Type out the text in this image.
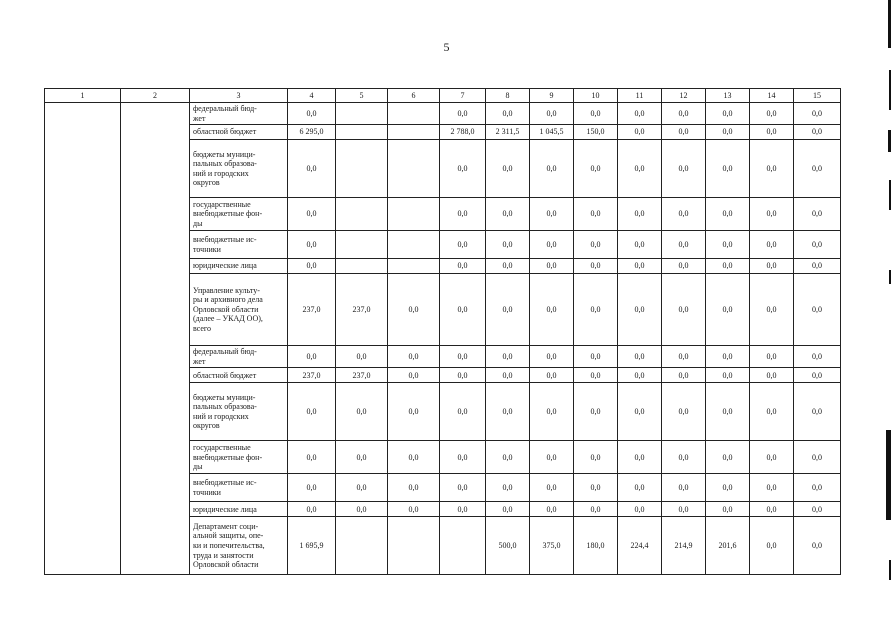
5
1	2	3	4	5	6	7	8	9	10	11	12	13	14	15
		федеральный бюд-
жет	0,0			0,0	0,0	0,0	0,0	0,0	0,0	0,0	0,0	0,0
		областной бюджет	6 295,0			2 788,0	2 311,5	1 045,5	150,0	0,0	0,0	0,0	0,0	0,0
		бюджеты муници-
пальных образова-
ний и городских
округов	0,0			0,0	0,0	0,0	0,0	0,0	0,0	0,0	0,0	0,0
		государственные
внебюджетные фон-
ды	0,0			0,0	0,0	0,0	0,0	0,0	0,0	0,0	0,0	0,0
		внебюджетные ис-
точники	0,0			0,0	0,0	0,0	0,0	0,0	0,0	0,0	0,0	0,0
		юридические лица	0,0			0,0	0,0	0,0	0,0	0,0	0,0	0,0	0,0	0,0
		Управление культу-
ры и архивного дела
Орловской области
(далее – УКАД ОО),
всего	237,0	237,0	0,0	0,0	0,0	0,0	0,0	0,0	0,0	0,0	0,0	0,0
		федеральный бюд-
жет	0,0	0,0	0,0	0,0	0,0	0,0	0,0	0,0	0,0	0,0	0,0	0,0
		областной бюджет	237,0	237,0	0,0	0,0	0,0	0,0	0,0	0,0	0,0	0,0	0,0	0,0
		бюджеты муници-
пальных образова-
ний и городских
округов	0,0	0,0	0,0	0,0	0,0	0,0	0,0	0,0	0,0	0,0	0,0	0,0
		государственные
внебюджетные фон-
ды	0,0	0,0	0,0	0,0	0,0	0,0	0,0	0,0	0,0	0,0	0,0	0,0
		внебюджетные ис-
точники	0,0	0,0	0,0	0,0	0,0	0,0	0,0	0,0	0,0	0,0	0,0	0,0
		юридические лица	0,0	0,0	0,0	0,0	0,0	0,0	0,0	0,0	0,0	0,0	0,0	0,0
		Департамент соци-
альной защиты, опе-
ки и попечительства,
труда и занятости
Орловской области	1 695,9				500,0	375,0	180,0	224,4	214,9	201,6	0,0	0,0
